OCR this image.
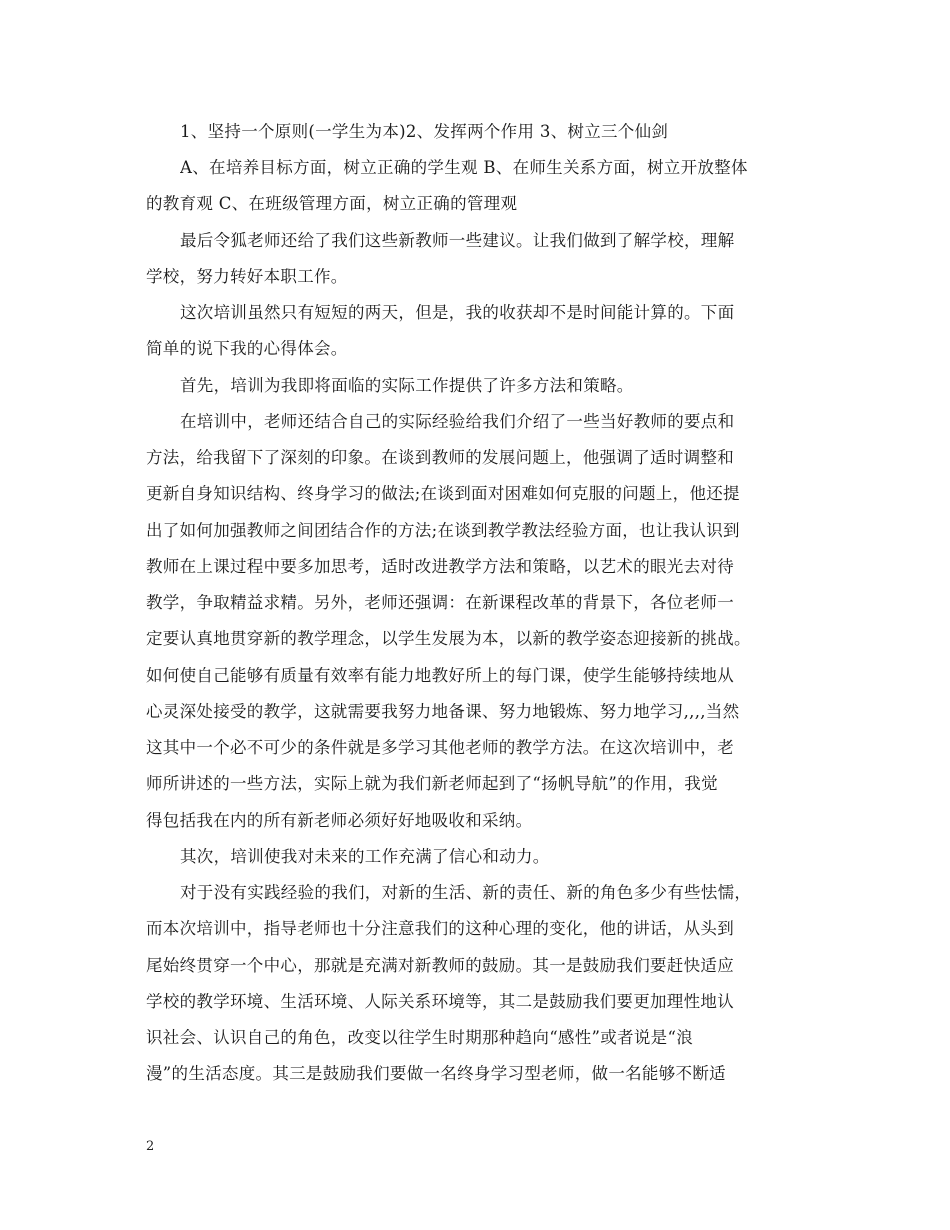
1、坚持一个原则(一学生为本)2、发挥两个作用 3、树立三个仙剑
A、在培养目标方面，树立正确的学生观 B、在师生关系方面，树立开放整体
的教育观 C、在班级管理方面，树立正确的管理观
最后令狐老师还给了我们这些新教师一些建议。让我们做到了解学校，理解
学校，努力转好本职工作。
这次培训虽然只有短短的两天，但是，我的收获却不是时间能计算的。下面
简单的说下我的心得体会。
首先，培训为我即将面临的实际工作提供了许多方法和策略。
在培训中，老师还结合自己的实际经验给我们介绍了一些当好教师的要点和
方法，给我留下了深刻的印象。在谈到教师的发展问题上，他强调了适时调整和
更新自身知识结构、终身学习的做法;在谈到面对困难如何克服的问题上，他还提
出了如何加强教师之间团结合作的方法;在谈到教学教法经验方面，也让我认识到
教师在上课过程中要多加思考，适时改进教学方法和策略，以艺术的眼光去对待
教学，争取精益求精。另外，老师还强调：在新课程改革的背景下，各位老师一
定要认真地贯穿新的教学理念，以学生发展为本，以新的教学姿态迎接新的挑战。
如何使自己能够有质量有效率有能力地教好所上的每门课，使学生能够持续地从
心灵深处接受的教学，这就需要我努力地备课、努力地锻炼、努力地学习,,,,当然
这其中一个必不可少的条件就是多学习其他老师的教学方法。在这次培训中，老
师所讲述的一些方法，实际上就为我们新老师起到了“扬帆导航”的作用，我觉
得包括我在内的所有新老师必须好好地吸收和采纳。
其次，培训使我对未来的工作充满了信心和动力。
对于没有实践经验的我们，对新的生活、新的责任、新的角色多少有些怯懦，
而本次培训中，指导老师也十分注意我们的这种心理的变化，他的讲话，从头到
尾始终贯穿一个中心，那就是充满对新教师的鼓励。其一是鼓励我们要赶快适应
学校的教学环境、生活环境、人际关系环境等，其二是鼓励我们要更加理性地认
识社会、认识自己的角色，改变以往学生时期那种趋向“感性”或者说是“浪
漫”的生活态度。其三是鼓励我们要做一名终身学习型老师，做一名能够不断适
2
